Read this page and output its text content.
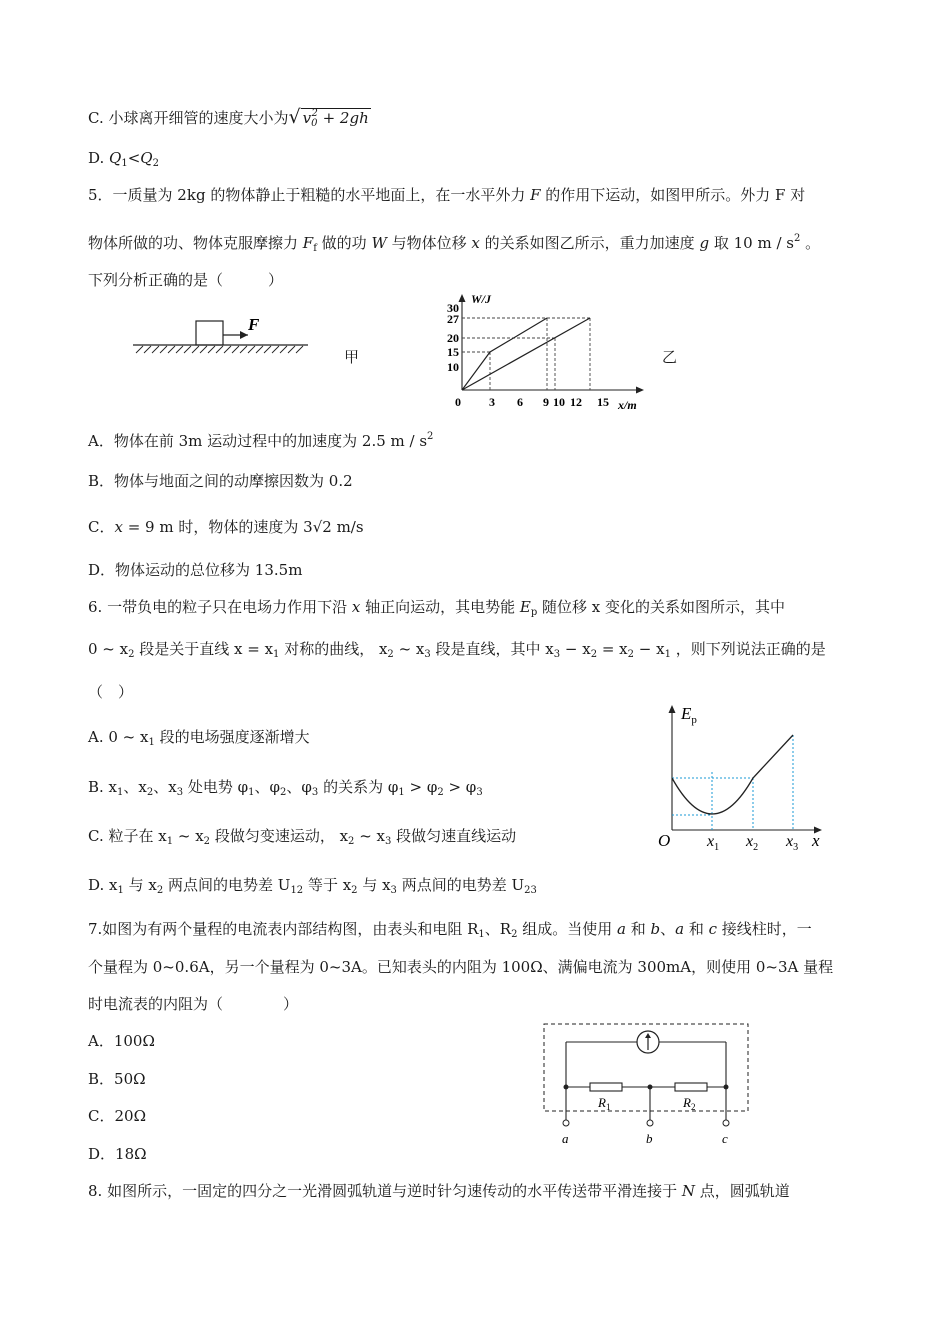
C. 小球离开细管的速度大小为√ $v_0^2 + 2gh$
D. $Q_1<Q_2$
5．一质量为 2kg 的物体静止于粗糙的水平地面上，在一水平外力 F 的作用下运动，如图甲所示。外力 F 对
物体所做的功、物体克服摩擦力 $F_f$ 做的功 W 与物体位移 x 的关系如图乙所示，重力加速度 g 取 10 m / $s^2$ 。
下列分析正确的是（　　　）
F
甲
W/J
x/m
0
10
15
20
27
30
3 6 9 10 12 15
乙
A．物体在前 3m 运动过程中的加速度为 2.5 m / $s^2$
B．物体与地面之间的动摩擦因数为 0.2
C．x = 9 m 时，物体的速度为 3√2 m/s
D．物体运动的总位移为 13.5m
6. 一带负电的粒子只在电场力作用下沿 x 轴正向运动，其电势能 $E_p$ 随位移 x 变化的关系如图所示，其中
0 ~ $x_2$ 段是关于直线 $x = x_1$ 对称的曲线， $x_2$ ~ $x_3$ 段是直线，其中 $x_3 - x_2 = x_2 - x_1$ ，则下列说法正确的是
（　）
A. 0 ~ $x_1$ 段的电场强度逐渐增大
B. $x_1$、$x_2$、$x_3$ 处电势 $\varphi_1$、$\varphi_2$、$\varphi_3$ 的关系为 $\varphi_1 > \varphi_2 > \varphi_3$
C. 粒子在 $x_1$ ~ $x_2$ 段做匀变速运动， $x_2$ ~ $x_3$ 段做匀速直线运动
D. $x_1$ 与 $x_2$ 两点间的电势差 $U_{12}$ 等于 $x_2$ 与 $x_3$ 两点间的电势差 $U_{23}$
$E_p$
O	x
$x_1$ $x_2$ $x_3$
7.如图为有两个量程的电流表内部结构图，由表头和电阻 $R_1$、$R_2$ 组成。当使用 a 和 b、a 和 c 接线柱时，一
个量程为 0~0.6A，另一个量程为 0~3A。已知表头的内阻为 100Ω、满偏电流为 300mA，则使用 0~3A 量程
时电流表的内阻为（　　　　）
A．100Ω
B．50Ω
C．20Ω
D．18Ω
$R_1$	$R_2$
a	b	c
8. 如图所示，一固定的四分之一光滑圆弧轨道与逆时针匀速传动的水平传送带平滑连接于 N 点，圆弧轨道
